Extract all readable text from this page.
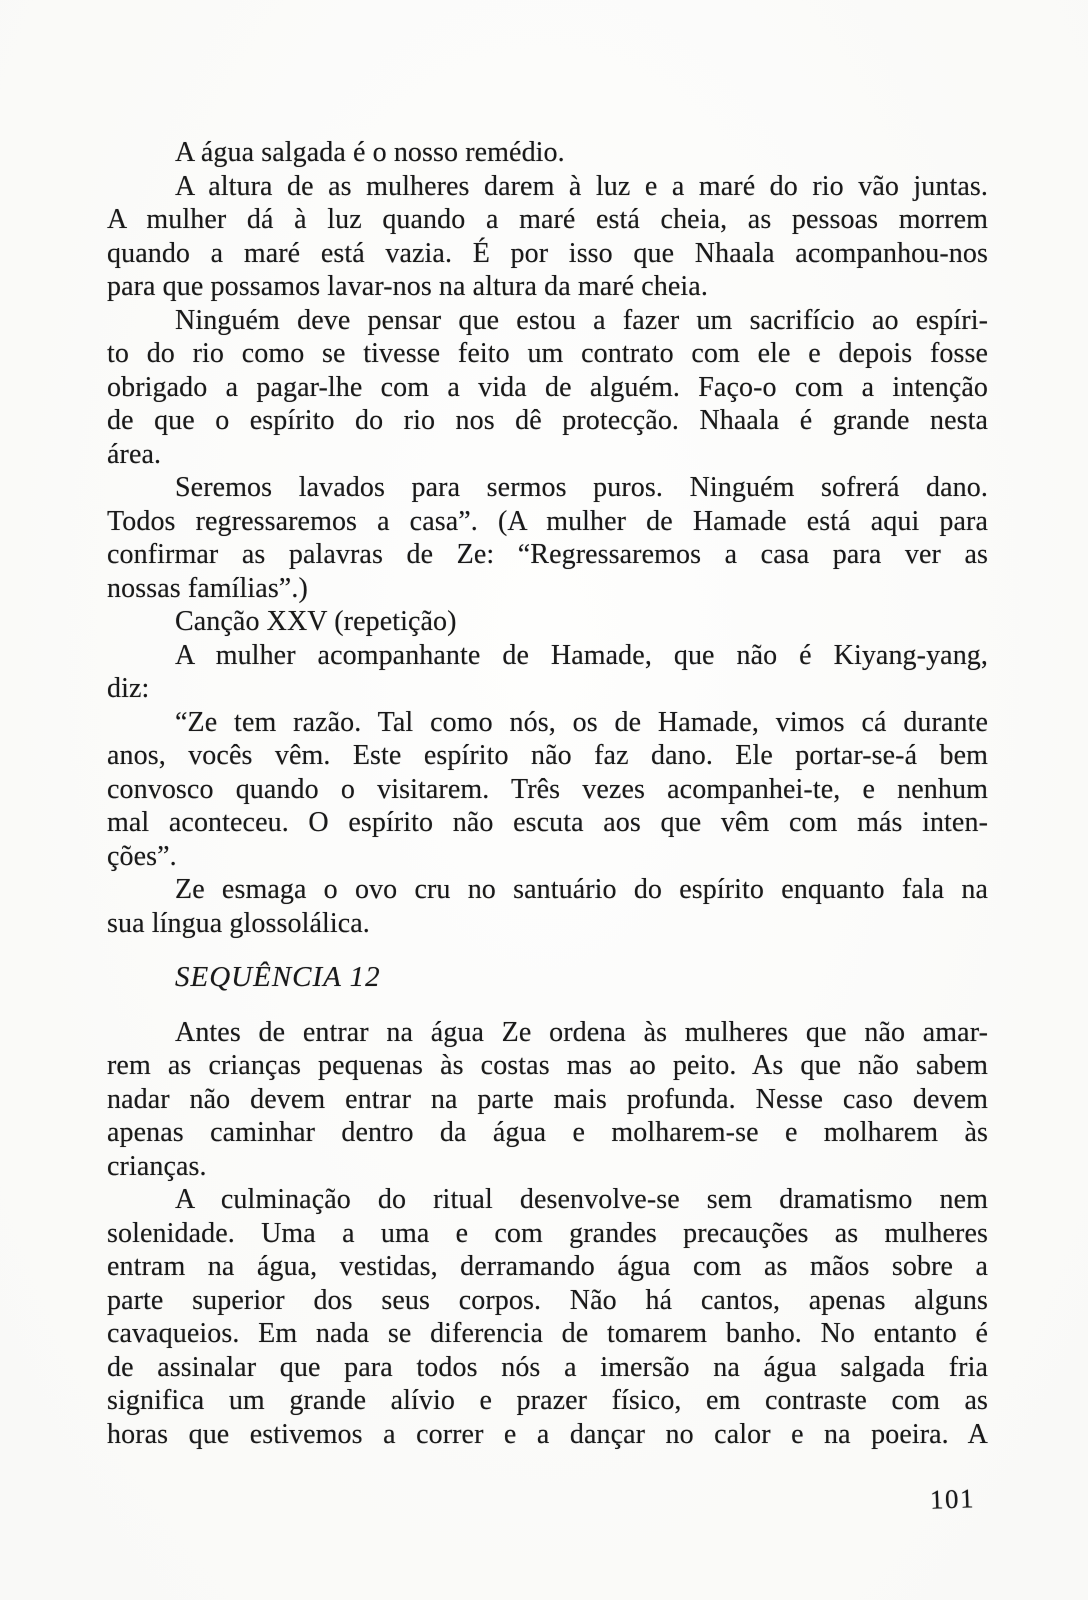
A água salgada é o nosso remédio.
A altura de as mulheres darem à luz e a maré do rio vão juntas.
A mulher dá à luz quando a maré está cheia, as pessoas morrem
quando a maré está vazia. É por isso que Nhaala acompanhou-nos
para que possamos lavar-nos na altura da maré cheia.
Ninguém deve pensar que estou a fazer um sacrifício ao espíri-
to do rio como se tivesse feito um contrato com ele e depois fosse
obrigado a pagar-lhe com a vida de alguém. Faço-o com a intenção
de que o espírito do rio nos dê protecção. Nhaala é grande nesta
área.
Seremos lavados para sermos puros. Ninguém sofrerá dano.
Todos regressaremos a casa”. (A mulher de Hamade está aqui para
confirmar as palavras de Ze: “Regressaremos a casa para ver as
nossas famílias”.)
Canção XXV (repetição)
A mulher acompanhante de Hamade, que não é Kiyang-yang,
diz:
“Ze tem razão. Tal como nós, os de Hamade, vimos cá durante
anos, vocês vêm. Este espírito não faz dano. Ele portar-se-á bem
convosco quando o visitarem. Três vezes acompanhei-te, e nenhum
mal aconteceu. O espírito não escuta aos que vêm com más inten-
ções”.
Ze esmaga o ovo cru no santuário do espírito enquanto fala na
sua língua glossolálica.
SEQUÊNCIA 12
Antes de entrar na água Ze ordena às mulheres que não amar-
rem as crianças pequenas às costas mas ao peito. As que não sabem
nadar não devem entrar na parte mais profunda. Nesse caso devem
apenas caminhar dentro da água e molharem-se e molharem às
crianças.
A culminação do ritual desenvolve-se sem dramatismo nem
solenidade. Uma a uma e com grandes precauções as mulheres
entram na água, vestidas, derramando água com as mãos sobre a
parte superior dos seus corpos. Não há cantos, apenas alguns
cavaqueios. Em nada se diferencia de tomarem banho. No entanto é
de assinalar que para todos nós a imersão na água salgada fria
significa um grande alívio e prazer físico, em contraste com as
horas que estivemos a correr e a dançar no calor e na poeira. A
101
